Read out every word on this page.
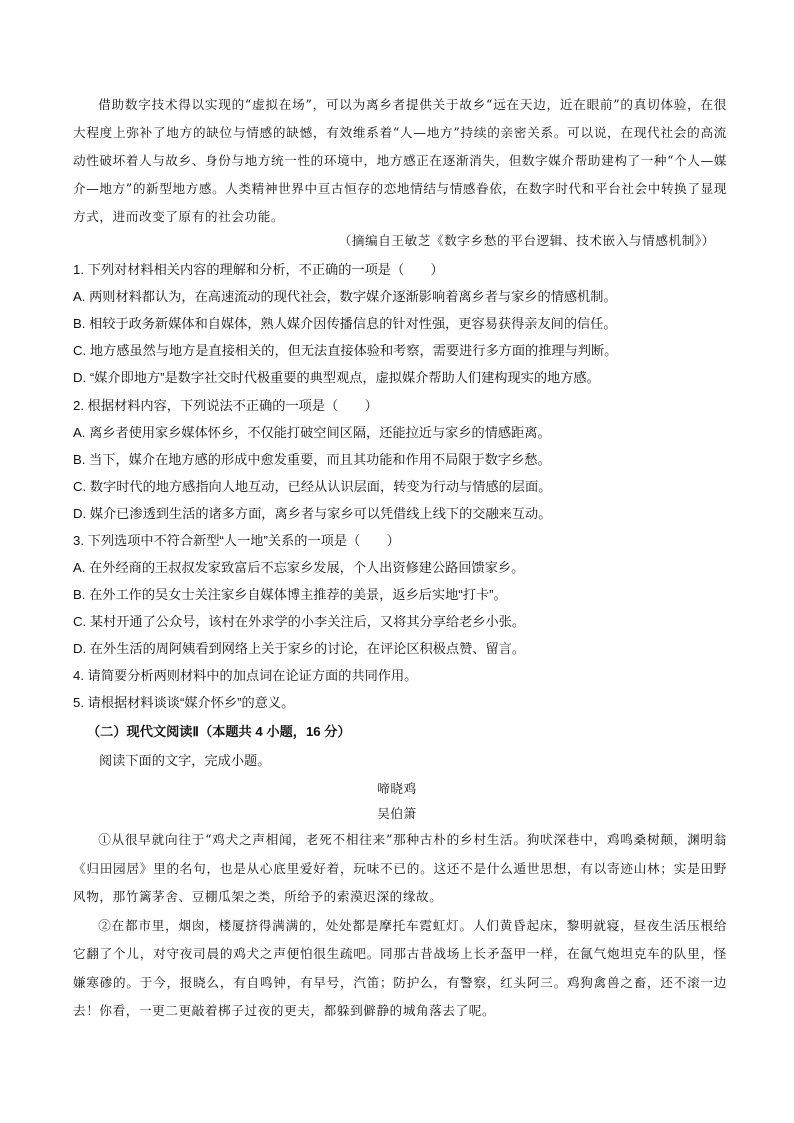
借助数字技术得以实现的“虚拟在场”，可以为离乡者提供关于故乡“远在天边，近在眼前”的真切体验，在很大程度上弥补了地方的缺位与情感的缺憾，有效维系着“人—地方”持续的亲密关系。可以说，在现代社会的高流动性破坏着人与故乡、身份与地方统一性的环境中，地方感正在逐渐消失，但数字媒介帮助建构了一种“个人—媒介—地方”的新型地方感。人类精神世界中亘古恒存的恋地情结与情感眷依，在数字时代和平台社会中转换了显现方式，进而改变了原有的社会功能。

（摘编自王敏芝《数字乡愁的平台逻辑、技术嵌入与情感机制》）
1. 下列对材料相关内容的理解和分析，不正确的一项是（　　）
A. 两则材料都认为，在高速流动的现代社会，数字媒介逐渐影响着离乡者与家乡的情感机制。
B. 相较于政务新媒体和自媒体，熟人媒介因传播信息的针对性强，更容易获得亲友间的信任。
C. 地方感虽然与地方是直接相关的，但无法直接体验和考察，需要进行多方面的推理与判断。
D. “媒介即地方”是数字社交时代极重要的典型观点，虚拟媒介帮助人们建构现实的地方感。
2. 根据材料内容，下列说法不正确的一项是（　　）
A. 离乡者使用家乡媒体怀乡，不仅能打破空间区隔，还能拉近与家乡的情感距离。
B. 当下，媒介在地方感的形成中愈发重要，而且其功能和作用不局限于数字乡愁。
C. 数字时代的地方感指向人地互动，已经从认识层面，转变为行动与情感的层面。
D. 媒介已渗透到生活的诸多方面，离乡者与家乡可以凭借线上线下的交融来互动。
3. 下列选项中不符合新型“人一地”关系的一项是（　　）
A. 在外经商的王叔叔发家致富后不忘家乡发展，个人出资修建公路回馈家乡。
B. 在外工作的吴女士关注家乡自媒体博主推荐的美景，返乡后实地“打卡”。
C. 某村开通了公众号，该村在外求学的小李关注后，又将其分享给老乡小张。
D. 在外生活的周阿姨看到网络上关于家乡的讨论，在评论区积极点赞、留言。
4. 请简要分析两则材料中的加点词在论证方面的共同作用。
5. 请根据材料谈谈“媒介怀乡”的意义。
（二）现代文阅读Ⅱ（本题共 4 小题，16 分）
阅读下面的文字，完成小题。
啼晓鸡
吴伯箫

①从很早就向往于“鸡犬之声相闻，老死不相往来”那种古朴的乡村生活。狗吠深巷中，鸡鸣桑树颠，渊明翁《归田园居》里的名句，也是从心底里爱好着，玩味不已的。这还不是什么遁世思想，有以寄迹山林；实是田野风物，那竹篱茅舍、豆棚瓜架之类，所给予的索漠迟深的缘故。

②在都市里，烟囱，楼厦挤得满满的，处处都是摩托车霓虹灯。人们黄昏起床，黎明就寝，昼夜生活压根给它翻了个儿，对守夜司晨的鸡犬之声便怕很生疏吧。同那古昔战场上长矛盔甲一样，在氤气炮坦克车的队里，怪嫌寒碜的。于今，报晓么，有自鸣钟，有早号，汽笛；防护么，有警察，红头阿三。鸡狗禽兽之畜，还不滚一边去！你看，一更二更敲着梆子过夜的更夫，都躲到僻静的城角落去了呢。
